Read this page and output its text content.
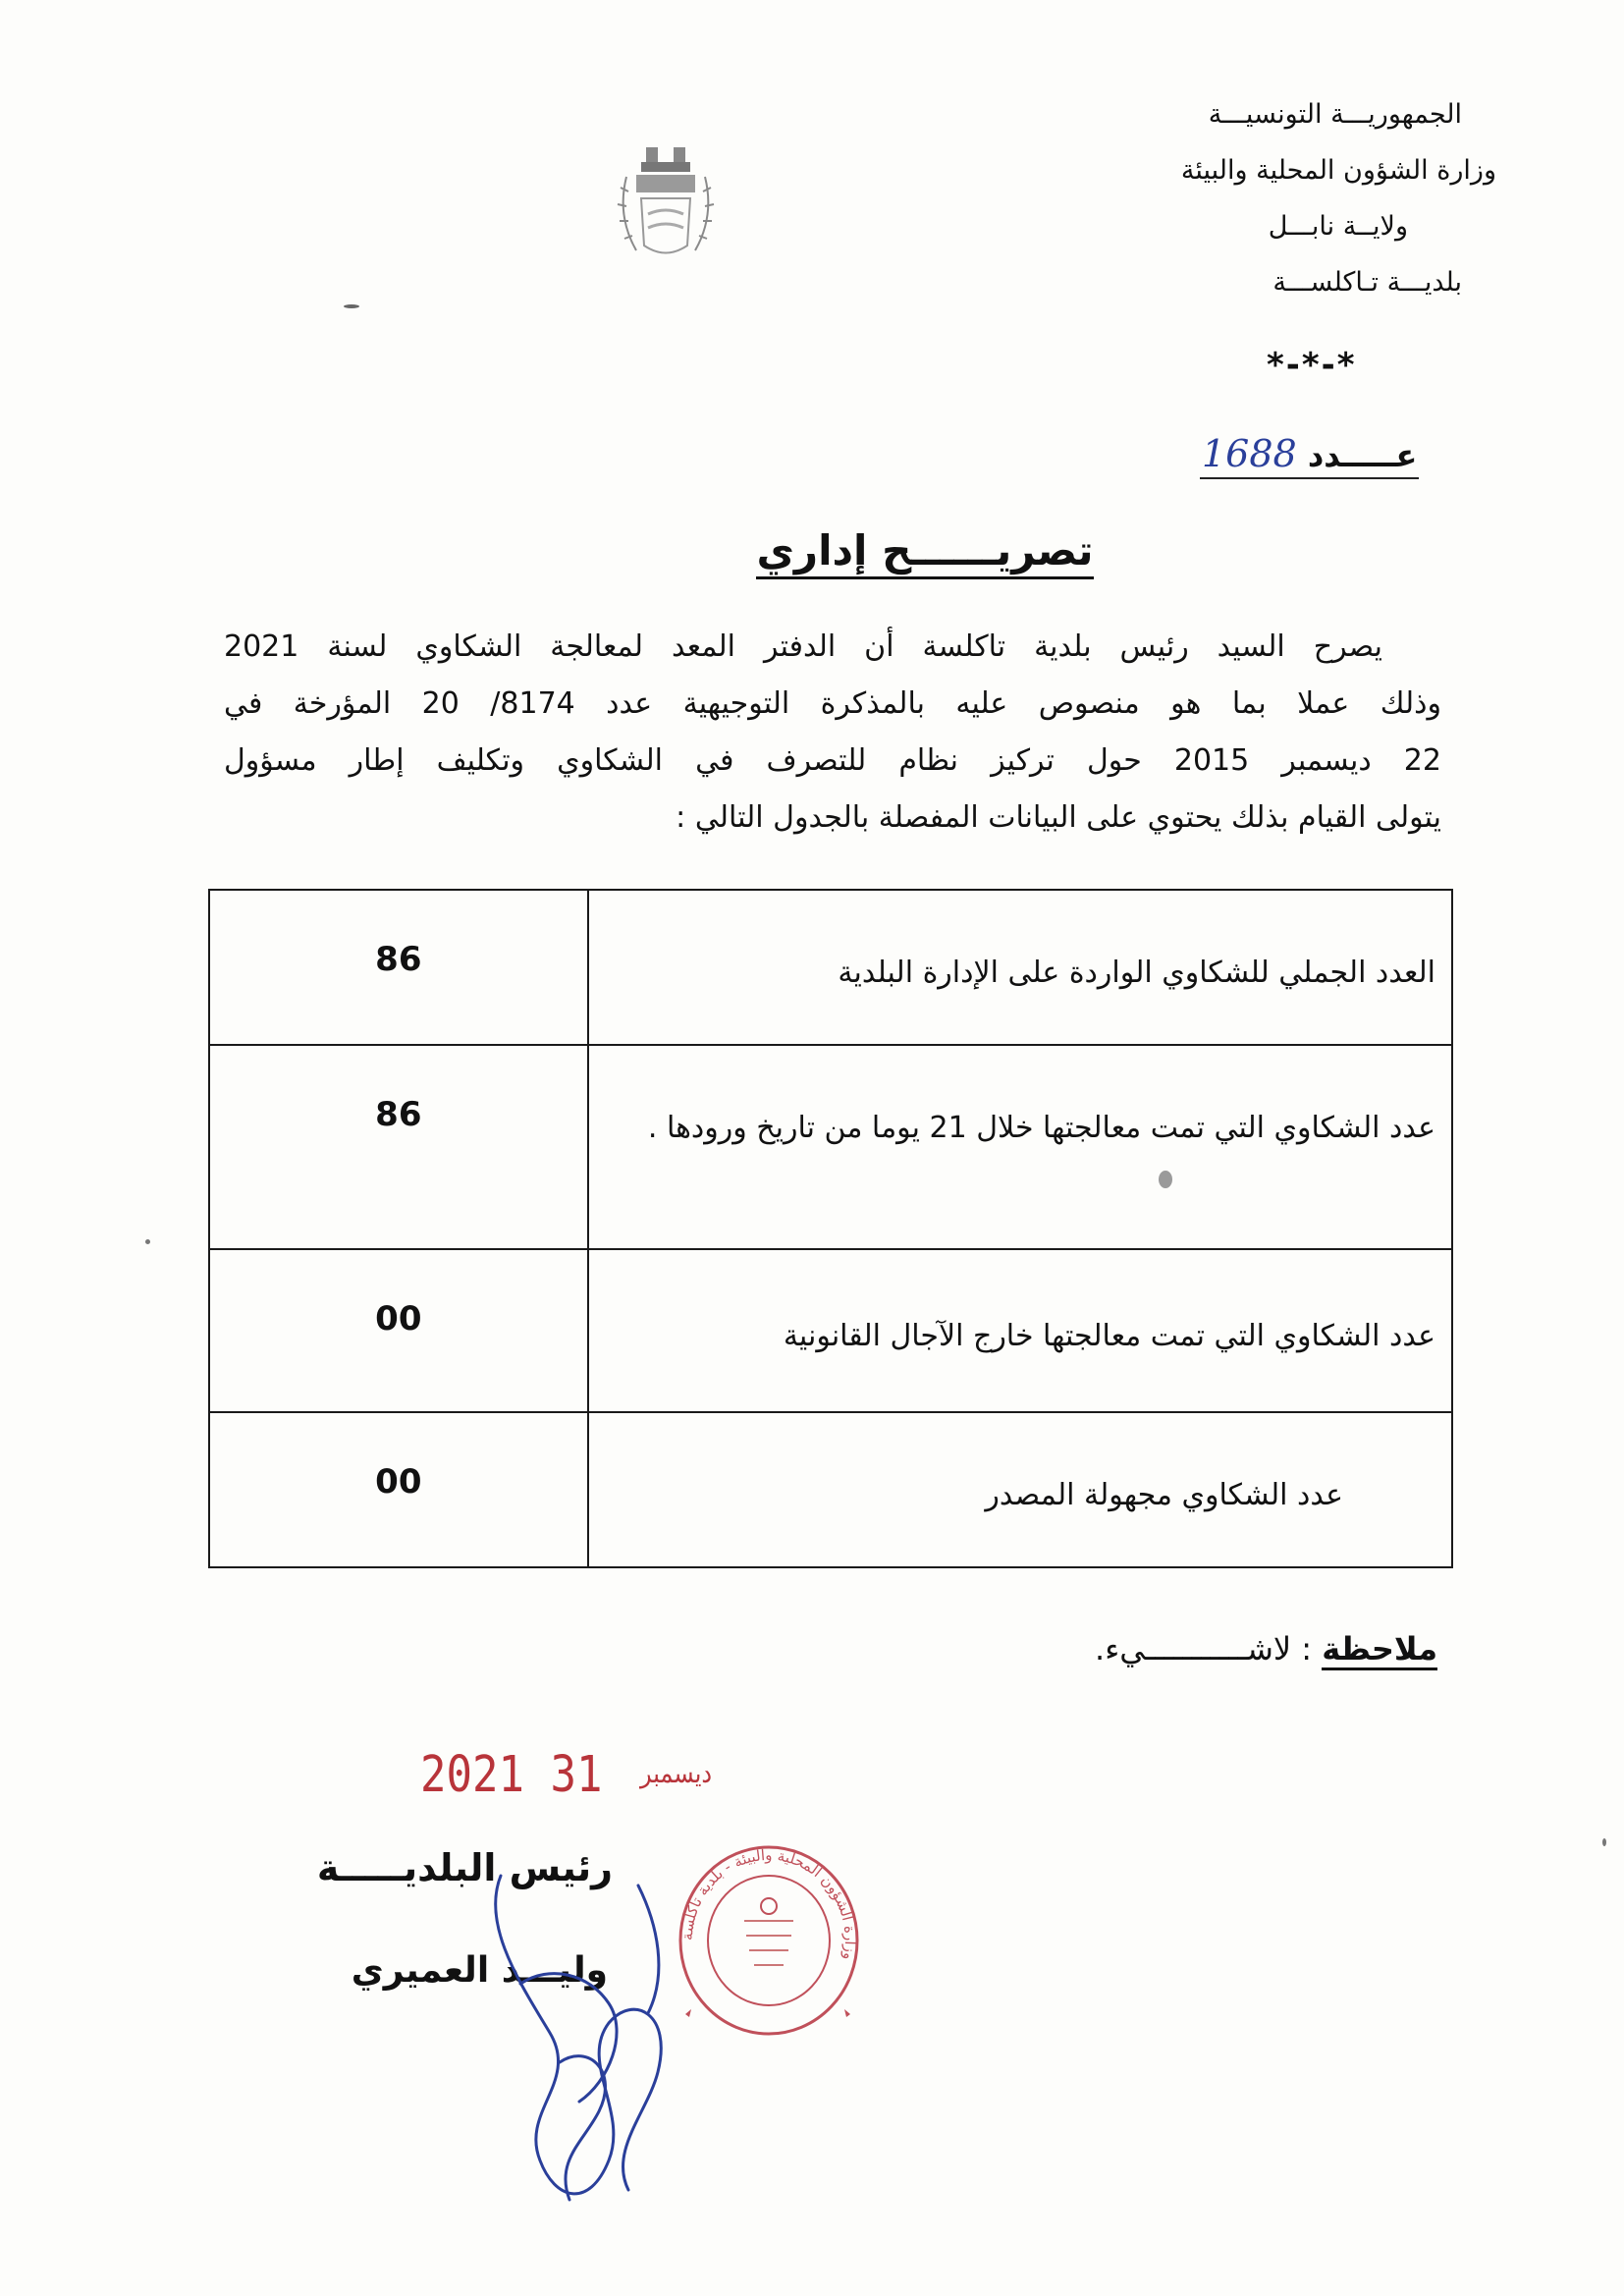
الجمهوريـــة التونسيـــة
وزارة الشؤون المحلية والبيئة
ولايــة نابـــل
بلديـــة تـاكلســـة
*-*-*
عـــــدد 1688
تصريــــــح إداري
يصرح السيد رئيس بلدية تاكلسة أن الدفتر المعد لمعالجة الشكاوي لسنة 2021
وذلك عملا بما هو منصوص عليه بالمذكرة التوجيهية عدد 8174/ 20 المؤرخة في
22 ديسمبر 2015 حول تركيز نظام للتصرف في الشكاوي وتكليف إطار مسؤول
يتولى القيام بذلك يحتوي على البيانات المفصلة بالجدول التالي :
العدد الجملي للشكاوي الواردة على الإدارة البلدية	86
عدد الشكاوي التي تمت معالجتها خلال 21 يوما من تاريخ ورودها .	86
عدد الشكاوي التي تمت معالجتها خارج الآجال القانونية	00
عدد الشكاوي مجهولة المصدر	00
ملاحظة : لاشـــــــــــيء.
2021	ديسمبر 31
رئيس البلديـــــة
وليـــد العميري
وزارة الشؤون المحلية والبيئة - بلدية تاكلسة
